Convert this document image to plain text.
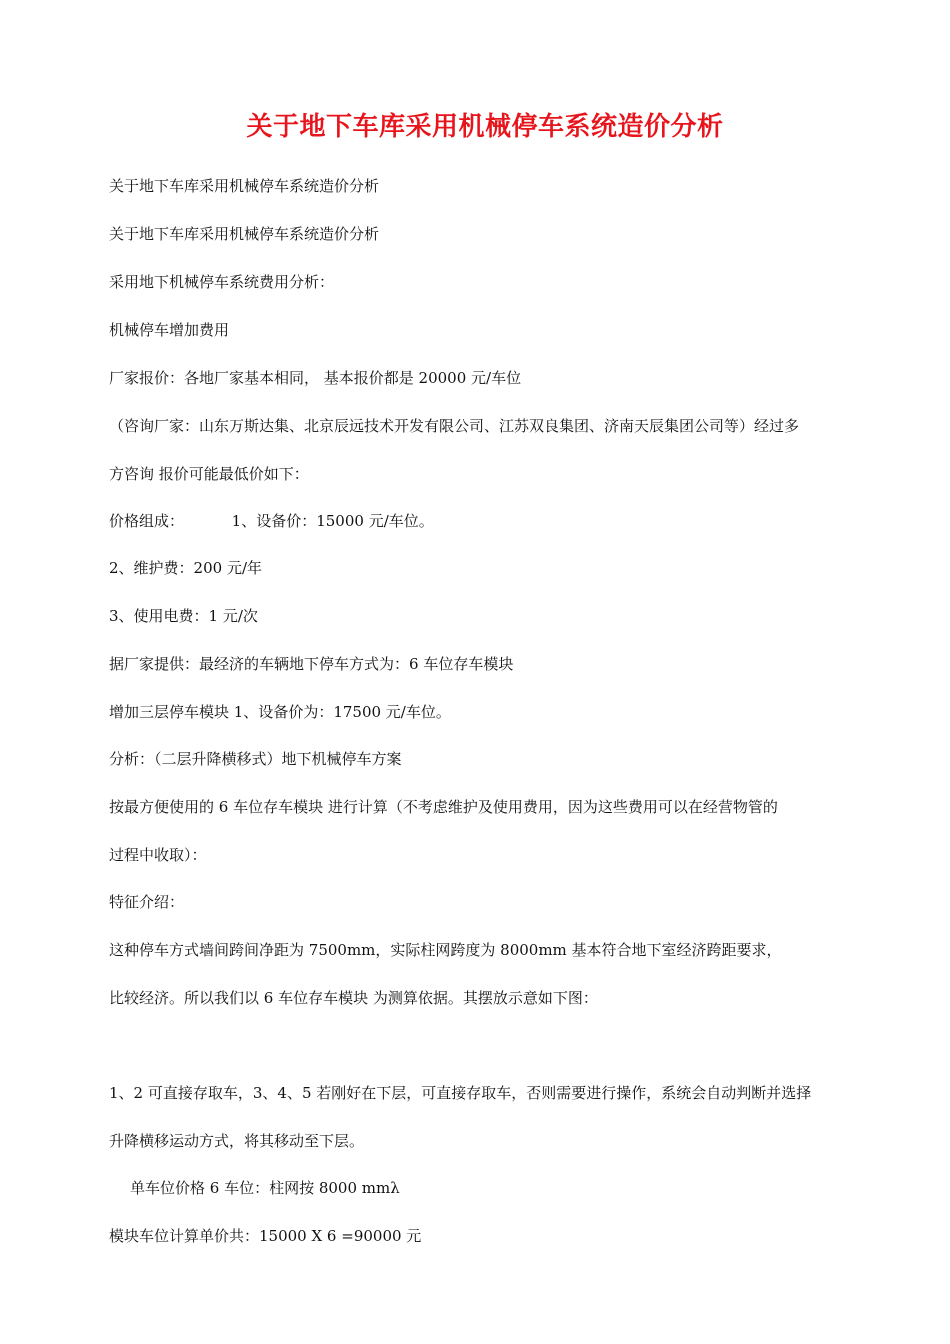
关于地下车库采用机械停车系统造价分析
关于地下车库采用机械停车系统造价分析
关于地下车库采用机械停车系统造价分析
采用地下机械停车系统费用分析：
机械停车增加费用
厂家报价：各地厂家基本相同， 基本报价都是 20000 元/车位
（咨询厂家：山东万斯达集、北京辰远技术开发有限公司、江苏双良集团、济南天辰集团公司等）经过多
方咨询 报价可能最低价如下：
价格组成：          1、设备价：15000 元/车位。
2、维护费：200 元/年
3、使用电费：1 元/次
据厂家提供：最经济的车辆地下停车方式为：6 车位存车模块
增加三层停车模块 1、设备价为：17500 元/车位。
分析：（二层升降横移式）地下机械停车方案
按最方便使用的 6 车位存车模块 进行计算（不考虑维护及使用费用，因为这些费用可以在经营物管的
过程中收取）：
特征介绍：
这种停车方式墙间跨间净距为 7500mm，实际柱网跨度为 8000mm 基本符合地下室经济跨距要求，
比较经济。所以我们以 6 车位存车模块 为测算依据。其摆放示意如下图：
1、2 可直接存取车，3、4、5 若刚好在下层，可直接存取车，否则需要进行操作，系统会自动判断并选择
升降横移运动方式，将其移动至下层。
单车位价格 6 车位：柱网按 8000 mmλ
模块车位计算单价共：15000 X 6 =90000 元
